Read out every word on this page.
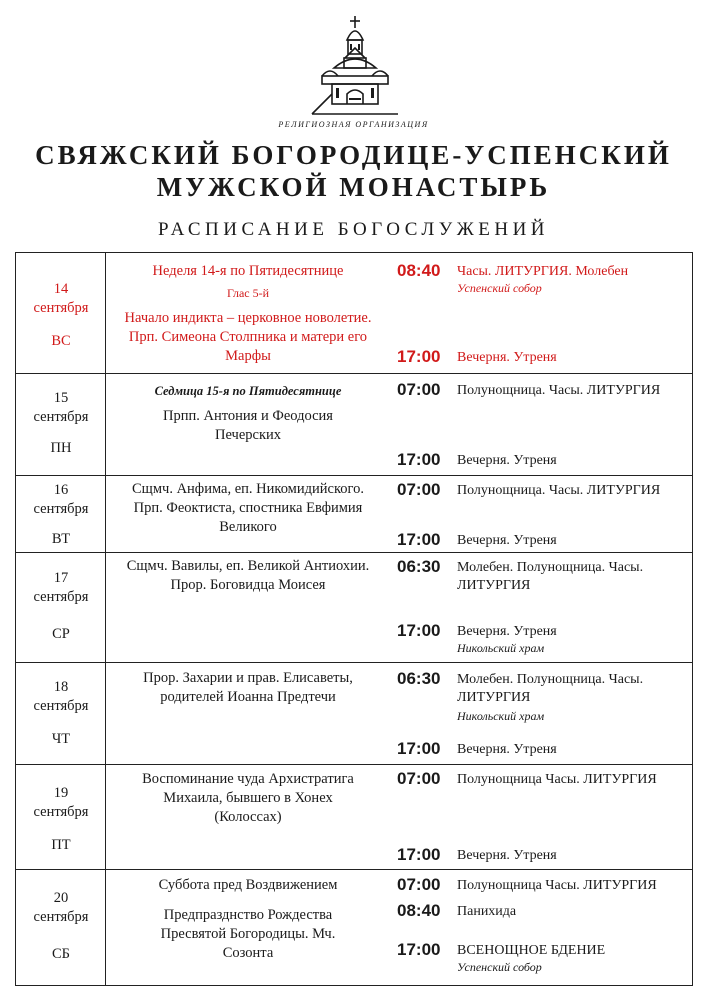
РЕЛИГИОЗНАЯ ОРГАНИЗАЦИЯ
СВЯЖСКИЙ БОГОРОДИЦЕ-УСПЕНСКИЙ
МУЖСКОЙ МОНАСТЫРЬ
РАСПИСАНИЕ БОГОСЛУЖЕНИЙ
14
сентября
ВС
Неделя 14-я по Пятидесятнице
Глас 5-й
Начало индикта – церковное новолетие. Прп. Симеона Столпника и матери его Марфы
08:40 Часы. ЛИТУРГИЯ. Молебен
Успенский собор
17:00 Вечерня. Утреня
15
сентября
ПН
Седмица 15-я по Пятидесятнице
Прпп. Антония и Феодосия Печерских
07:00 Полунощница. Часы. ЛИТУРГИЯ
17:00 Вечерня. Утреня
16
сентября
ВТ
Сщмч. Анфима, еп. Никомидийского. Прп. Феоктиста, спостника Евфимия Великого
07:00 Полунощница. Часы. ЛИТУРГИЯ
17:00 Вечерня. Утреня
17
сентября
СР
Сщмч. Вавилы, еп. Великой Антиохии. Прор. Боговидца Моисея
06:30 Молебен. Полунощница. Часы. ЛИТУРГИЯ
17:00 Вечерня. Утреня
Никольский храм
18
сентября
ЧТ
Прор. Захарии и прав. Елисаветы, родителей Иоанна Предтечи
06:30 Молебен. Полунощница. Часы. ЛИТУРГИЯ
Никольский храм
17:00 Вечерня. Утреня
19
сентября
ПТ
Воспоминание чуда Архистратига Михаила, бывшего в Хонех (Колоссах)
07:00 Полунощница Часы. ЛИТУРГИЯ
17:00 Вечерня. Утреня
20
сентября
СБ
Суббота пред Воздвижением
Предпразднство Рождества Пресвятой Богородицы. Мч. Созонта
07:00 Полунощница Часы. ЛИТУРГИЯ
08:40 Панихида
17:00 ВСЕНОЩНОЕ БДЕНИЕ
Успенский собор
